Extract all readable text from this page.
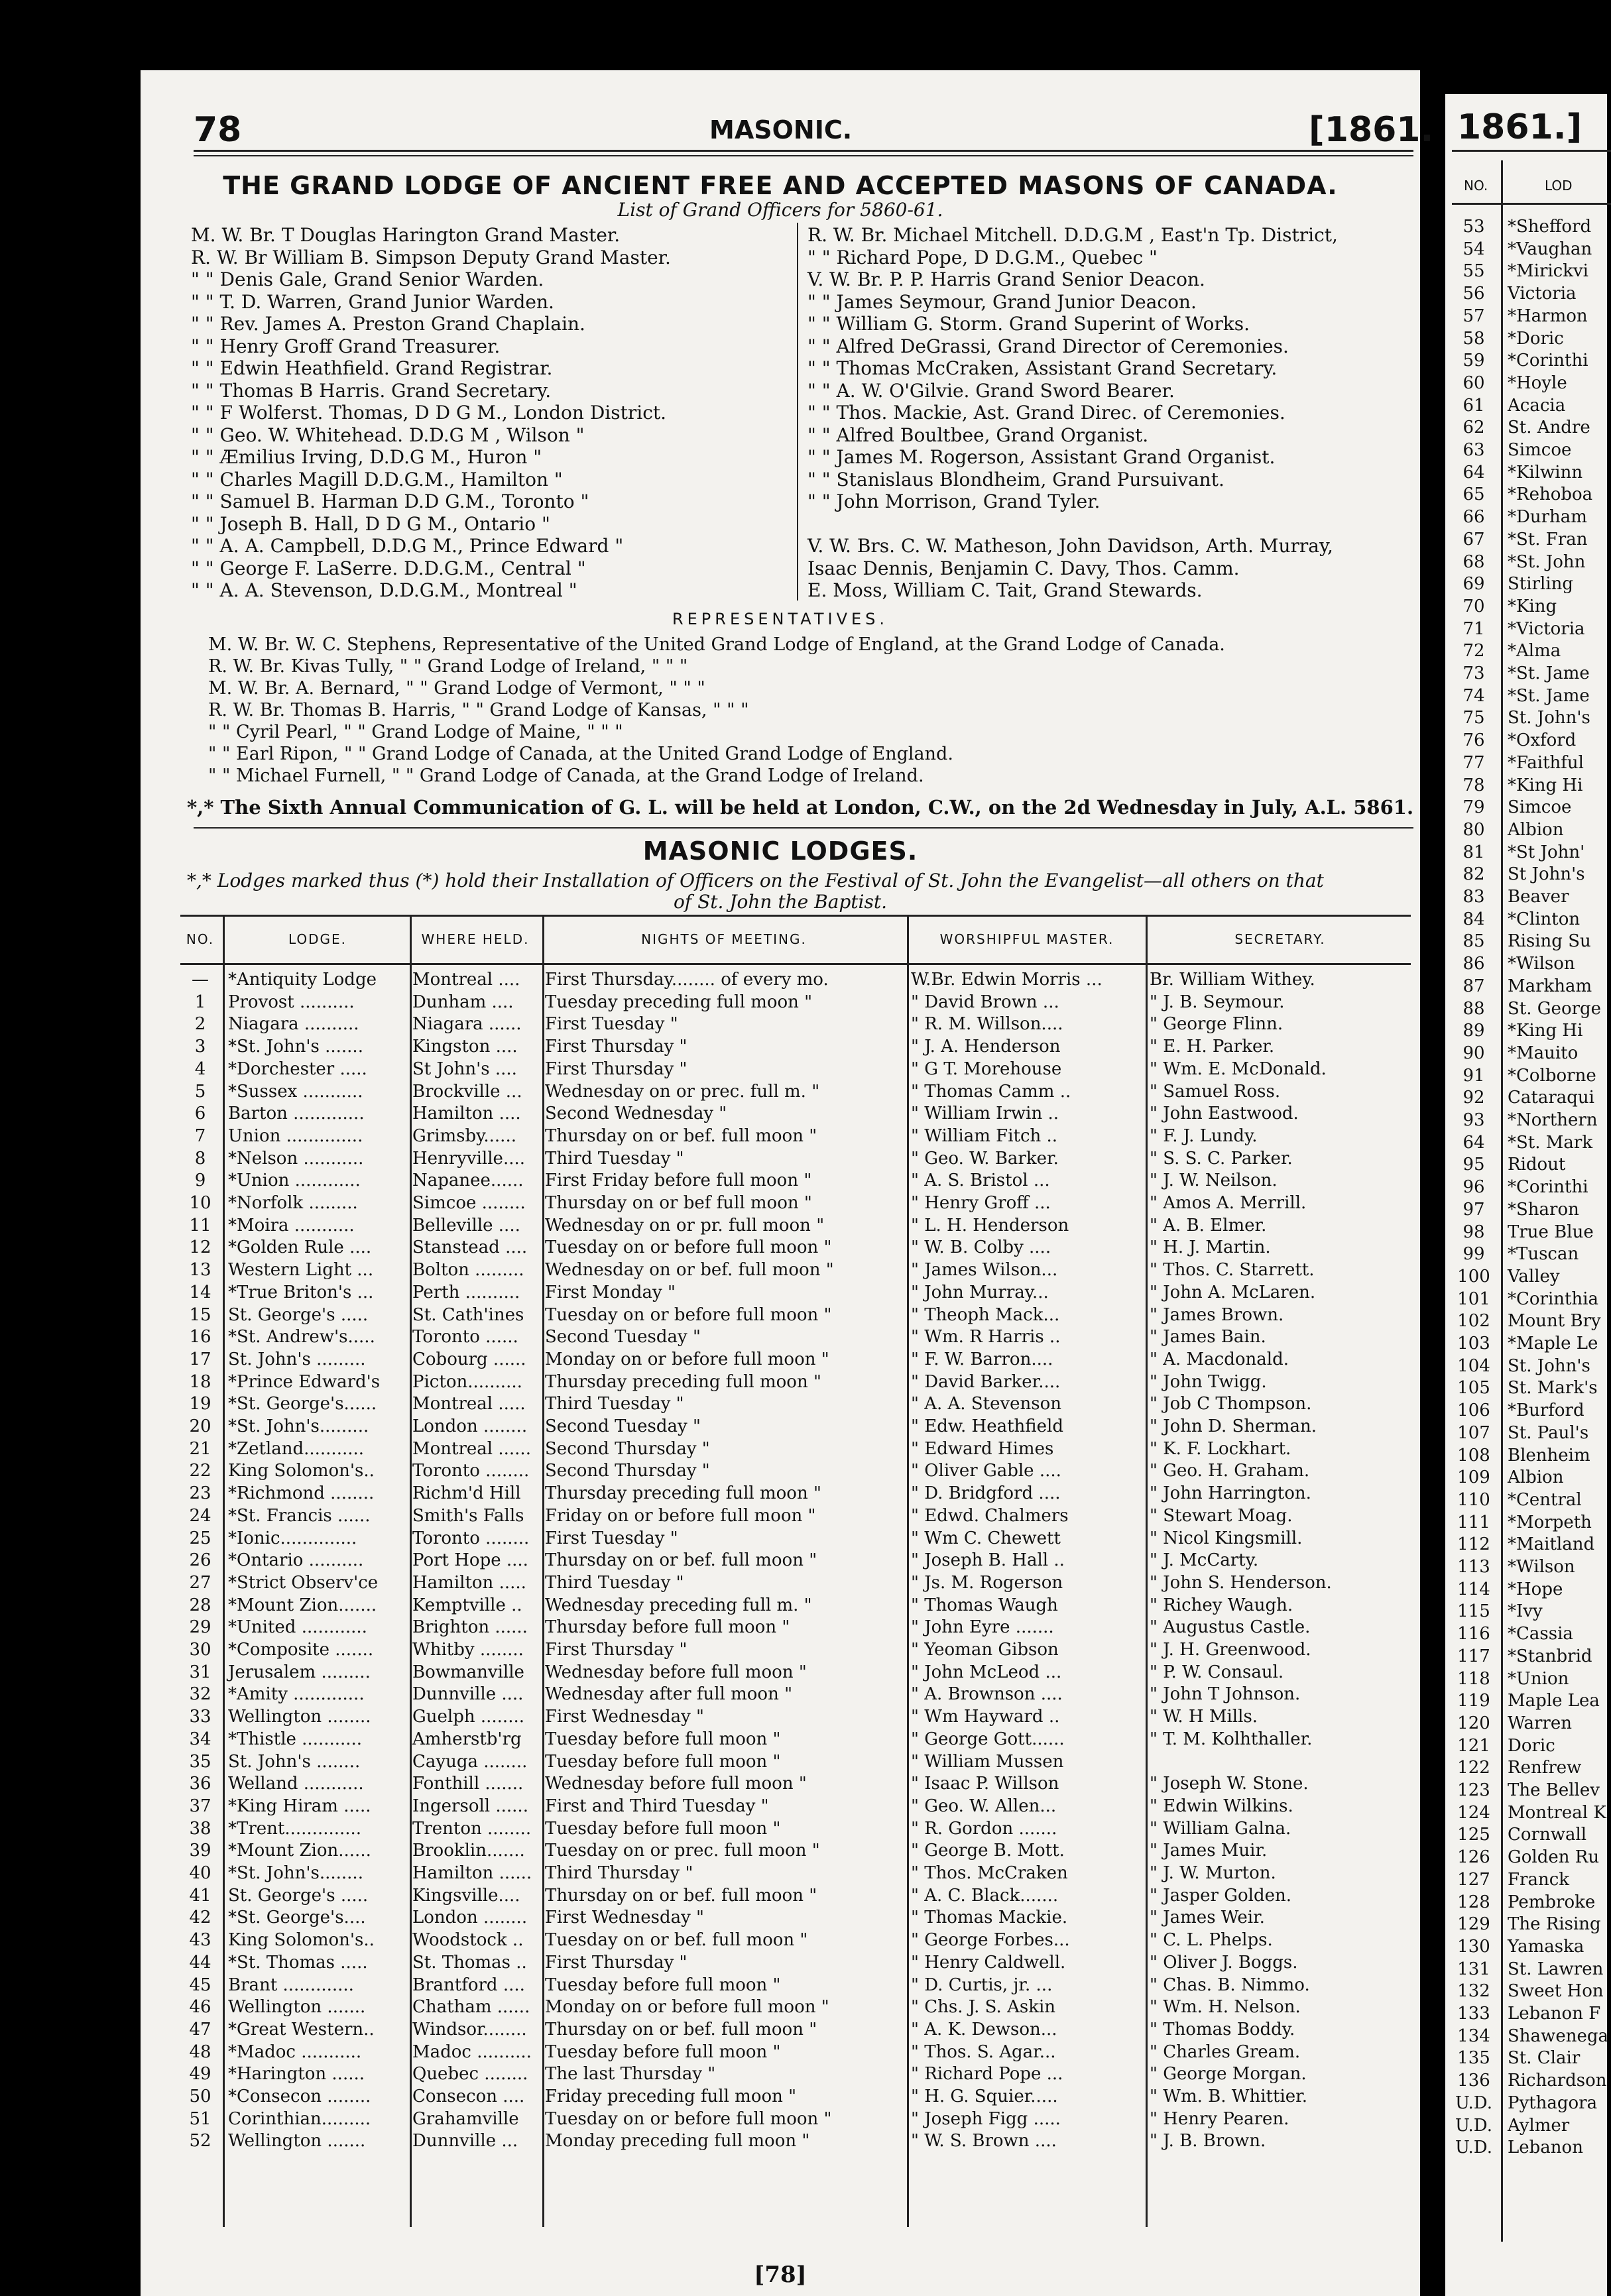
78	MASONIC.	[1861.
THE GRAND LODGE OF ANCIENT FREE AND ACCEPTED MASONS OF CANADA.
List of Grand Officers for 5860-61.
M. W. Br. T Douglas Harington Grand Master.
R. W. Br William B. Simpson Deputy Grand Master.
" " Denis Gale, Grand Senior Warden.
" " T. D. Warren, Grand Junior Warden.
" " Rev. James A. Preston Grand Chaplain.
" " Henry Groff Grand Treasurer.
" " Edwin Heathfield. Grand Registrar.
" " Thomas B Harris. Grand Secretary.
" " F Wolferst. Thomas, D D G M., London District.
" " Geo. W. Whitehead. D.D.G M , Wilson "
" " Æmilius Irving, D.D.G M., Huron "
" " Charles Magill D.D.G.M., Hamilton "
" " Samuel B. Harman D.D G.M., Toronto "
" " Joseph B. Hall, D D G M., Ontario "
" " A. A. Campbell, D.D.G M., Prince Edward "
" " George F. LaSerre. D.D.G.M., Central "
" " A. A. Stevenson, D.D.G.M., Montreal "
R. W. Br. Michael Mitchell. D.D.G.M , East'n Tp. District,
" " Richard Pope, D D.G.M., Quebec "
V. W. Br. P. P. Harris Grand Senior Deacon.
" " James Seymour, Grand Junior Deacon.
" " William G. Storm. Grand Superint of Works.
" " Alfred DeGrassi, Grand Director of Ceremonies.
" " Thomas McCraken, Assistant Grand Secretary.
" " A. W. O'Gilvie. Grand Sword Bearer.
" " Thos. Mackie, Ast. Grand Direc. of Ceremonies.
" " Alfred Boultbee, Grand Organist.
" " James M. Rogerson, Assistant Grand Organist.
" " Stanislaus Blondheim, Grand Pursuivant.
" " John Morrison, Grand Tyler.
V. W. Brs. C. W. Matheson, John Davidson, Arth. Murray,
Isaac Dennis, Benjamin C. Davy, Thos. Camm.
E. Moss, William C. Tait, Grand Stewards.
REPRESENTATIVES.
M. W. Br. W. C. Stephens, Representative of the United Grand Lodge of England, at the Grand Lodge of Canada.
R. W. Br. Kivas Tully, " " Grand Lodge of Ireland, " " "
M. W. Br. A. Bernard, " " Grand Lodge of Vermont, " " "
R. W. Br. Thomas B. Harris, " " Grand Lodge of Kansas, " " "
" " Cyril Pearl, " " Grand Lodge of Maine, " " "
" " Earl Ripon, " " Grand Lodge of Canada, at the United Grand Lodge of England.
" " Michael Furnell, " " Grand Lodge of Canada, at the Grand Lodge of Ireland.
*,* The Sixth Annual Communication of G. L. will be held at London, C.W., on the 2d Wednesday in July, A.L. 5861.
MASONIC LODGES.
*,* Lodges marked thus (*) hold their Installation of Officers on the Festival of St. John the Evangelist—all others on that
of St. John the Baptist.
NO.	LODGE.	WHERE HELD.	NIGHTS OF MEETING.	WORSHIPFUL MASTER.	SECRETARY.
—	*Antiquity Lodge	Montreal ....	First Thursday........ of every mo.	W.Br. Edwin Morris ...	Br. William Withey.
1	Provost ..........	Dunham ....	Tuesday preceding full moon "	" David Brown ...	" J. B. Seymour.
2	Niagara ..........	Niagara ......	First Tuesday "	" R. M. Willson....	" George Flinn.
3	*St. John's .......	Kingston ....	First Thursday "	" J. A. Henderson	" E. H. Parker.
4	*Dorchester .....	St John's ....	First Thursday "	" G T. Morehouse	" Wm. E. McDonald.
5	*Sussex ...........	Brockville ...	Wednesday on or prec. full m. "	" Thomas Camm ..	" Samuel Ross.
6	Barton .............	Hamilton ....	Second Wednesday "	" William Irwin ..	" John Eastwood.
7	Union ..............	Grimsby......	Thursday on or bef. full moon "	" William Fitch ..	" F. J. Lundy.
8	*Nelson ...........	Henryville....	Third Tuesday "	" Geo. W. Barker.	" S. S. C. Parker.
9	*Union ............	Napanee......	First Friday before full moon "	" A. S. Bristol ...	" J. W. Neilson.
10 *Norfolk .........	Simcoe ........	Thursday on or bef full moon "	" Henry Groff ...	" Amos A. Merrill.
11 *Moira ...........	Belleville ....	Wednesday on or pr. full moon "	" L. H. Henderson	" A. B. Elmer.
12 *Golden Rule ....	Stanstead ....	Tuesday on or before full moon "	" W. B. Colby ....	" H. J. Martin.
13 Western Light ...	Bolton .........	Wednesday on or bef. full moon "	" James Wilson...	" Thos. C. Starrett.
14 *True Briton's ...	Perth ..........	First Monday "	" John Murray...	" John A. McLaren.
15 St. George's .....	St. Cath'ines	Tuesday on or before full moon "	" Theoph Mack...	" James Brown.
16 *St. Andrew's.....	Toronto ......	Second Tuesday "	" Wm. R Harris ..	" James Bain.
17 St. John's .........	Cobourg ......	Monday on or before full moon "	" F. W. Barron....	" A. Macdonald.
18 *Prince Edward's	Picton..........	Thursday preceding full moon "	" David Barker....	" John Twigg.
19 *St. George's......	Montreal .....	Third Tuesday "	" A. A. Stevenson	" Job C Thompson.
20 *St. John's.........	London ........	Second Tuesday "	" Edw. Heathfield	" John D. Sherman.
21 *Zetland...........	Montreal ...... Second Thursday "	" Edward Himes	" K. F. Lockhart.
22 King Solomon's..	Toronto ........ Second Thursday "	" Oliver Gable ....	" Geo. H. Graham.
23 *Richmond ........	Richm'd Hill	Thursday preceding full moon "	" D. Bridgford ....	" John Harrington.
24 *St. Francis ......	Smith's Falls	Friday on or before full moon "	" Edwd. Chalmers	" Stewart Moag.
25 *Ionic..............	Toronto ........ First Tuesday "	" Wm C. Chewett	" Nicol Kingsmill.
26 *Ontario ..........	Port Hope .... Thursday on or bef. full moon "	" Joseph B. Hall ..	" J. McCarty.
27 *Strict Observ'ce	Hamilton .....	Third Tuesday "	" Js. M. Rogerson	" John S. Henderson.
28 *Mount Zion.......	Kemptville ..	Wednesday preceding full m. "	" Thomas Waugh	" Richey Waugh.
29 *United ............	Brighton ......	Thursday before full moon "	" John Eyre .......	" Augustus Castle.
30 *Composite .......	Whitby ........	First Thursday "	" Yeoman Gibson	" J. H. Greenwood.
31 Jerusalem .........	Bowmanville	Wednesday before full moon "	" John McLeod ...	" P. W. Consaul.
32 *Amity .............	Dunnville ....	Wednesday after full moon "	" A. Brownson ....	" John T Johnson.
33 Wellington ........	Guelph ........	First Wednesday "	" Wm Hayward ..	" W. H Mills.
34 *Thistle ...........	Amherstb'rg	Tuesday before full moon "	" George Gott......	" T. M. Kolhthaller.
35 St. John's ........	Cayuga ........	Tuesday before full moon "	" William Mussen
36 Welland ...........	Fonthill .......	Wednesday before full moon "	" Isaac P. Willson	" Joseph W. Stone.
37 *King Hiram .....	Ingersoll ...... First and Third Tuesday "	" Geo. W. Allen...	" Edwin Wilkins.
38 *Trent..............	Trenton ........ Tuesday before full moon "	" R. Gordon .......	" William Galna.
39 *Mount Zion......	Brooklin.......	Tuesday on or prec. full moon "	" George B. Mott.	" James Muir.
40 *St. John's........	Hamilton ...... Third Thursday "	" Thos. McCraken	" J. W. Murton.
41 St. George's .....	Kingsville....	Thursday on or bef. full moon "	" A. C. Black.......	" Jasper Golden.
42 *St. George's....	London ........	First Wednesday "	" Thomas Mackie.	" James Weir.
43 King Solomon's..	Woodstock ..	Tuesday on or bef. full moon "	" George Forbes...	" C. L. Phelps.
44 *St. Thomas .....	St. Thomas ..	First Thursday "	" Henry Caldwell.	" Oliver J. Boggs.
45 Brant .............	Brantford ....	Tuesday before full moon "	" D. Curtis, jr. ...	" Chas. B. Nimmo.
46 Wellington .......	Chatham ...... Monday on or before full moon "	" Chs. J. S. Askin	" Wm. H. Nelson.
47 *Great Western..	Windsor........	Thursday on or bef. full moon "	" A. K. Dewson...	" Thomas Boddy.
48 *Madoc ...........	Madoc .......... Tuesday before full moon "	" Thos. S. Agar...	" Charles Gream.
49 *Harington ......	Quebec ........ The last Thursday "	" Richard Pope ...	" George Morgan.
50 *Consecon ........	Consecon ....	Friday preceding full moon "	" H. G. Squier.....	" Wm. B. Whittier.
51 Corinthian.........	Grahamville	Tuesday on or before full moon "	" Joseph Figg .....	" Henry Pearen.
52 Wellington .......	Dunnville ...	Monday preceding full moon "	" W. S. Brown ....	" J. B. Brown.
[78]
1861.]
NO.	LOD
53	*Shefford
54	*Vaughan
55	*Mirickvi
56	Victoria
57	*Harmon
58	*Doric
59	*Corinthi
60	*Hoyle
61	Acacia
62	St. Andre
63	Simcoe
64	*Kilwinn
65	*Rehoboa
66	*Durham
67	*St. Fran
68	*St. John
69	Stirling
70	*King
71	*Victoria
72	*Alma
73	*St. Jame
74	*St. Jame
75	St. John's
76	*Oxford
77	*Faithful
78	*King Hi
79	Simcoe
80	Albion
81	*St John'
82	St John's
83	Beaver
84	*Clinton
85	Rising Su
86	*Wilson
87	Markham
88	St. George
89	*King Hi
90	*Mauito
91	*Colborne
92	Cataraqui
93	*Northern
64	*St. Mark
95	Ridout
96	*Corinthi
97	*Sharon
98	True Blue
99	*Tuscan
100	Valley
101	*Corinthia
102	Mount Bry
103	*Maple Le
104	St. John's
105	St. Mark's
106	*Burford
107	St. Paul's
108	Blenheim
109	Albion
110	*Central
111	*Morpeth
112	*Maitland
113	*Wilson
114	*Hope
115	*Ivy
116	*Cassia
117	*Stanbrid
118	*Union
119	Maple Lea
120	Warren
121	Doric
122	Renfrew
123	The Bellev
124	Montreal K
125	Cornwall
126	Golden Ru
127	Franck
128	Pembroke
129	The Rising
130	Yamaska
131	St. Lawren
132	Sweet Hon
133	Lebanon F
134	Shawenega
135	St. Clair
136	Richardson
U.D. Pythagora
U.D. Aylmer
U.D. Lebanon
